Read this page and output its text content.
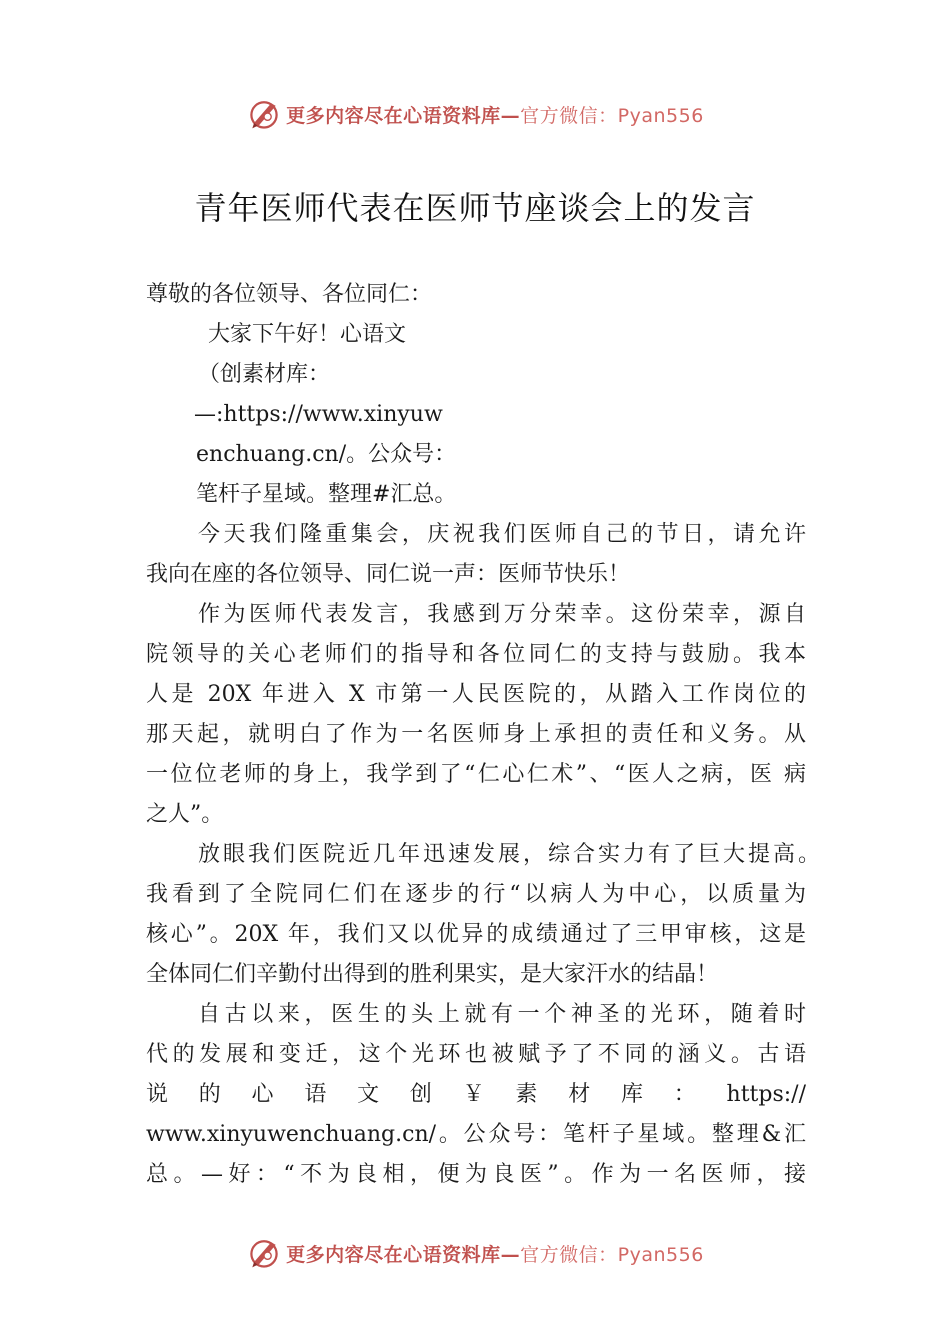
更多内容尽在心语资料库— 官方微信：Pyan556
青年医师代表在医师节座谈会上的发言

尊敬的各位领导、各位同仁：

大家下午好！心语文

（创素材库：

—:https://www.xinyuw

enchuang.cn/。公众号：

笔杆子星域。整理#汇总。

今天我们隆重集会，庆祝我们医师自己的节日，请允许

我向在座的各位领导、同仁说一声：医师节快乐！

作为医师代表发言，我感到万分荣幸。这份荣幸，源自

院领导的关心老师们的指导和各位同仁的支持与鼓励。我本

人是 20X 年进入 X 市第一人民医院的，从踏入工作岗位的

那天起，就明白了作为一名医师身上承担的责任和义务。从

一位位老师的身上，我学到了“仁心仁术”、“医人之病，医 病

之人”。

放眼我们医院近几年迅速发展，综合实力有了巨大提高。

我看到了全院同仁们在逐步的行“以病人为中心，以质量为

核心”。20X 年，我们又以优异的成绩通过了三甲审核，这是

全体同仁们辛勤付出得到的胜利果实，是大家汗水的结晶！

自古以来，医生的头上就有一个神圣的光环，随着时

代的发展和变迁，这个光环也被赋予了不同的涵义。古语

说 的 心 语 文 创 ￥ 素 材 库 ： https://

www.xinyuwenchuang.cn/。公众号：笔杆子星域。整理&汇

总。—好：“不为良相，便为良医”。作为一名医师，接

更多内容尽在心语资料库— 官方微信：Pyan556
